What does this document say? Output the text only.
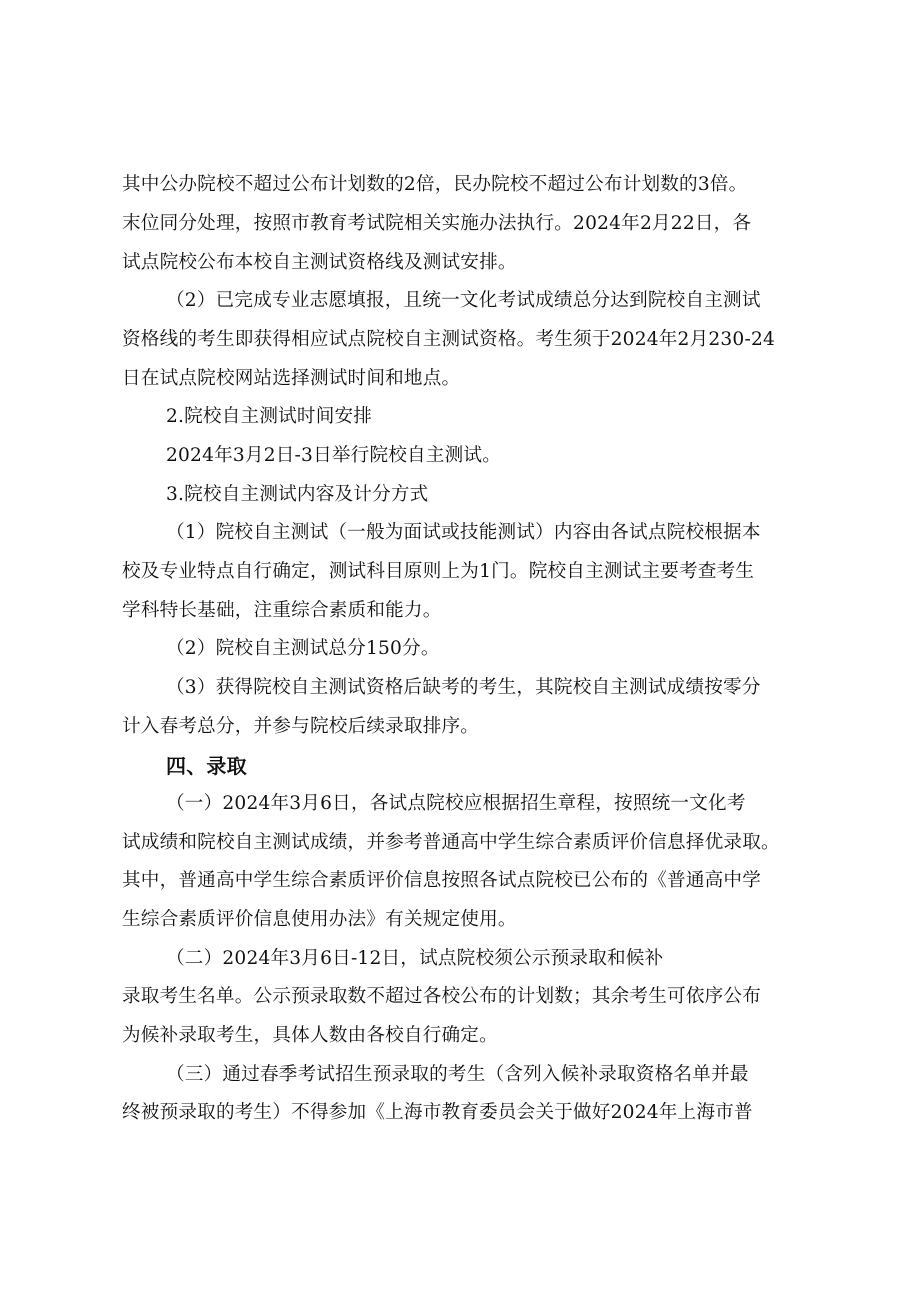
其中公办院校不超过公布计划数的2倍，民办院校不超过公布计划数的3倍。
末位同分处理，按照市教育考试院相关实施办法执行。2024年2月22日，各
试点院校公布本校自主测试资格线及测试安排。
（2）已完成专业志愿填报，且统一文化考试成绩总分达到院校自主测试
资格线的考生即获得相应试点院校自主测试资格。考生须于2024年2月230-24
日在试点院校网站选择测试时间和地点。
2.院校自主测试时间安排
2024年3月2日-3日举行院校自主测试。
3.院校自主测试内容及计分方式
（1）院校自主测试（一般为面试或技能测试）内容由各试点院校根据本
校及专业特点自行确定，测试科目原则上为1门。院校自主测试主要考查考生
学科特长基础，注重综合素质和能力。
（2）院校自主测试总分150分。
（3）获得院校自主测试资格后缺考的考生，其院校自主测试成绩按零分
计入春考总分，并参与院校后续录取排序。
四、录取
（一）2024年3月6日，各试点院校应根据招生章程，按照统一文化考
试成绩和院校自主测试成绩，并参考普通高中学生综合素质评价信息择优录取。
其中，普通高中学生综合素质评价信息按照各试点院校已公布的《普通高中学
生综合素质评价信息使用办法》有关规定使用。
（二）2024年3月6日-12日，试点院校须公示预录取和候补
录取考生名单。公示预录取数不超过各校公布的计划数；其余考生可依序公布
为候补录取考生，具体人数由各校自行确定。
（三）通过春季考试招生预录取的考生（含列入候补录取资格名单并最
终被预录取的考生）不得参加《上海市教育委员会关于做好2024年上海市普
